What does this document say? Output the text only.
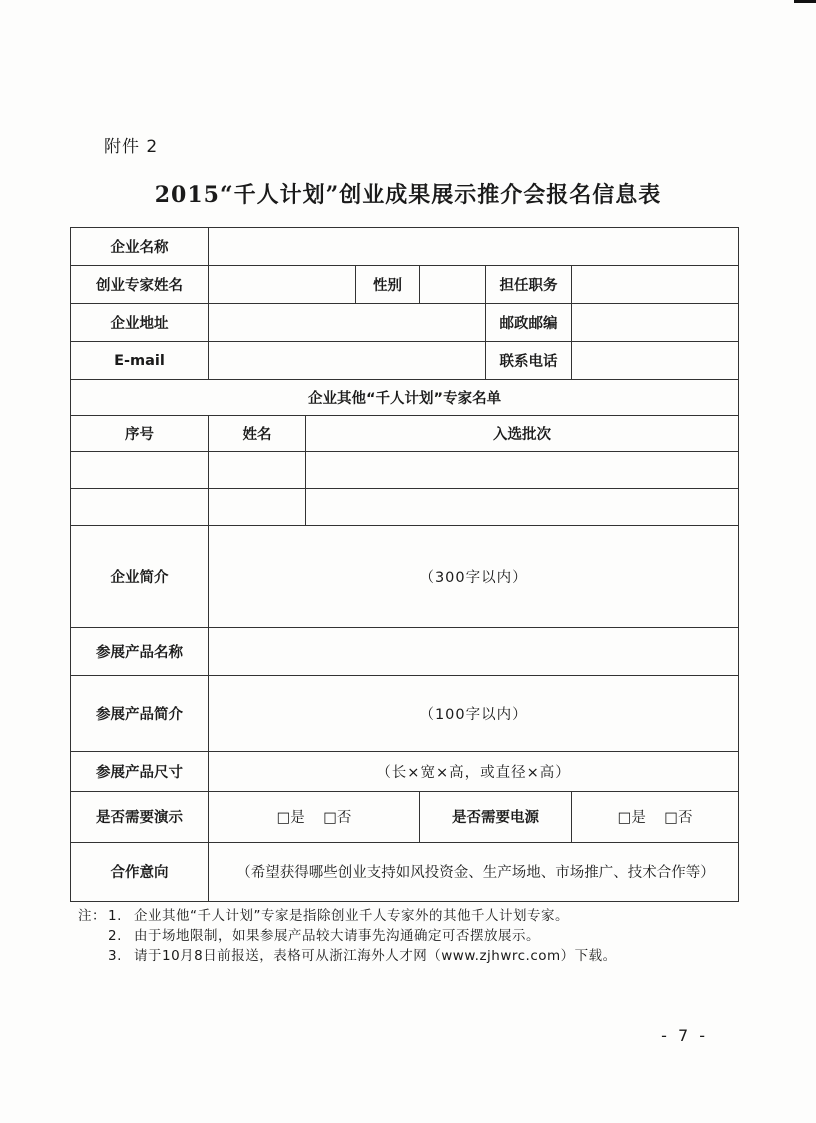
附件 2
2015“千人计划”创业成果展示推介会报名信息表
企业名称						
创业专家姓名			性别		担任职务	
企业地址					邮政邮编	
E-mail					联系电话	
企业其他“千人计划”专家名单						
序号	姓名	入选批次				

企业简介	（300字以内）					
参展产品名称						
参展产品简介	（100字以内）					
参展产品尺寸	（长×宽×高，或直径×高）					
是否需要演示	□是 □否			是否需要电源		□是 □否
合作意向	（希望获得哪些创业支持如风投资金、生产场地、市场推广、技术合作等）					
注： 1. 企业其他“千人计划”专家是指除创业千人专家外的其他千人计划专家。
2. 由于场地限制，如果参展产品较大请事先沟通确定可否摆放展示。
3. 请于10月8日前报送，表格可从浙江海外人才网（www.zjhwrc.com）下载。
- 7 -
